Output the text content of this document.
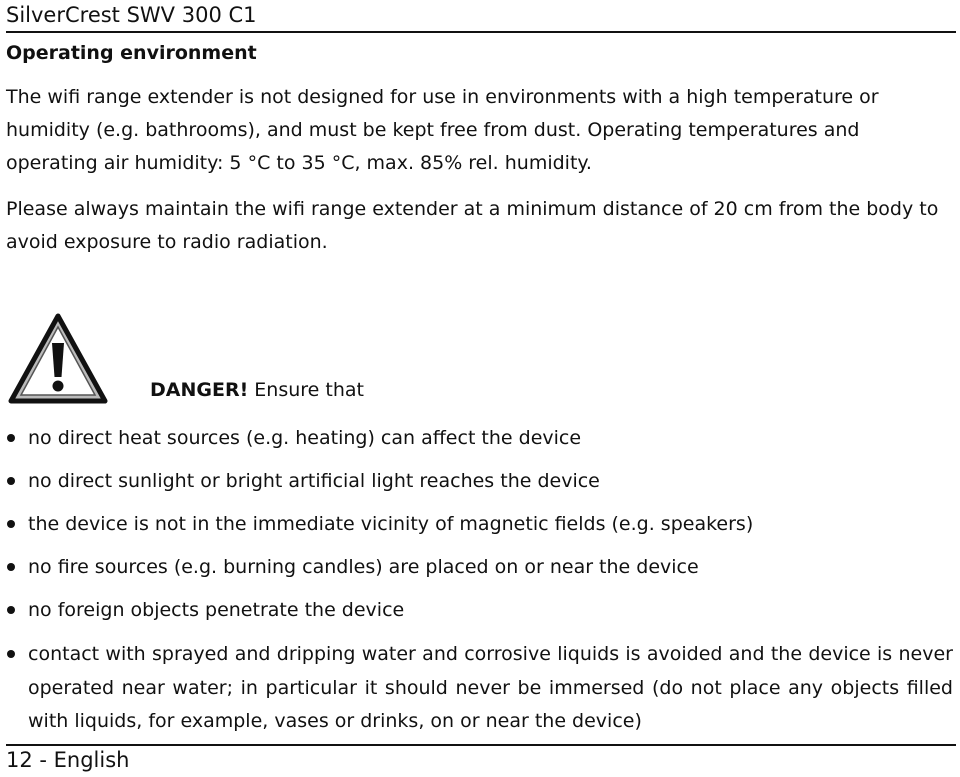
SilverCrest SWV 300 C1
Operating environment
The wifi range extender is not designed for use in environments with a high temperature or humidity (e.g. bathrooms), and must be kept free from dust. Operating temperatures and operating air humidity: 5 °C to 35 °C, max. 85% rel. humidity.
Please always maintain the wifi range extender at a minimum distance of 20 cm from the body to avoid exposure to radio radiation.
DANGER! Ensure that
no direct heat sources (e.g. heating) can affect the device
no direct sunlight or bright artificial light reaches the device
the device is not in the immediate vicinity of magnetic fields (e.g. speakers)
no fire sources (e.g. burning candles) are placed on or near the device
no foreign objects penetrate the device
contact with sprayed and dripping water and corrosive liquids is avoided and the device is never operated near water; in particular it should never be immersed (do not place any objects filled with liquids, for example, vases or drinks, on or near the device)
12 - English
